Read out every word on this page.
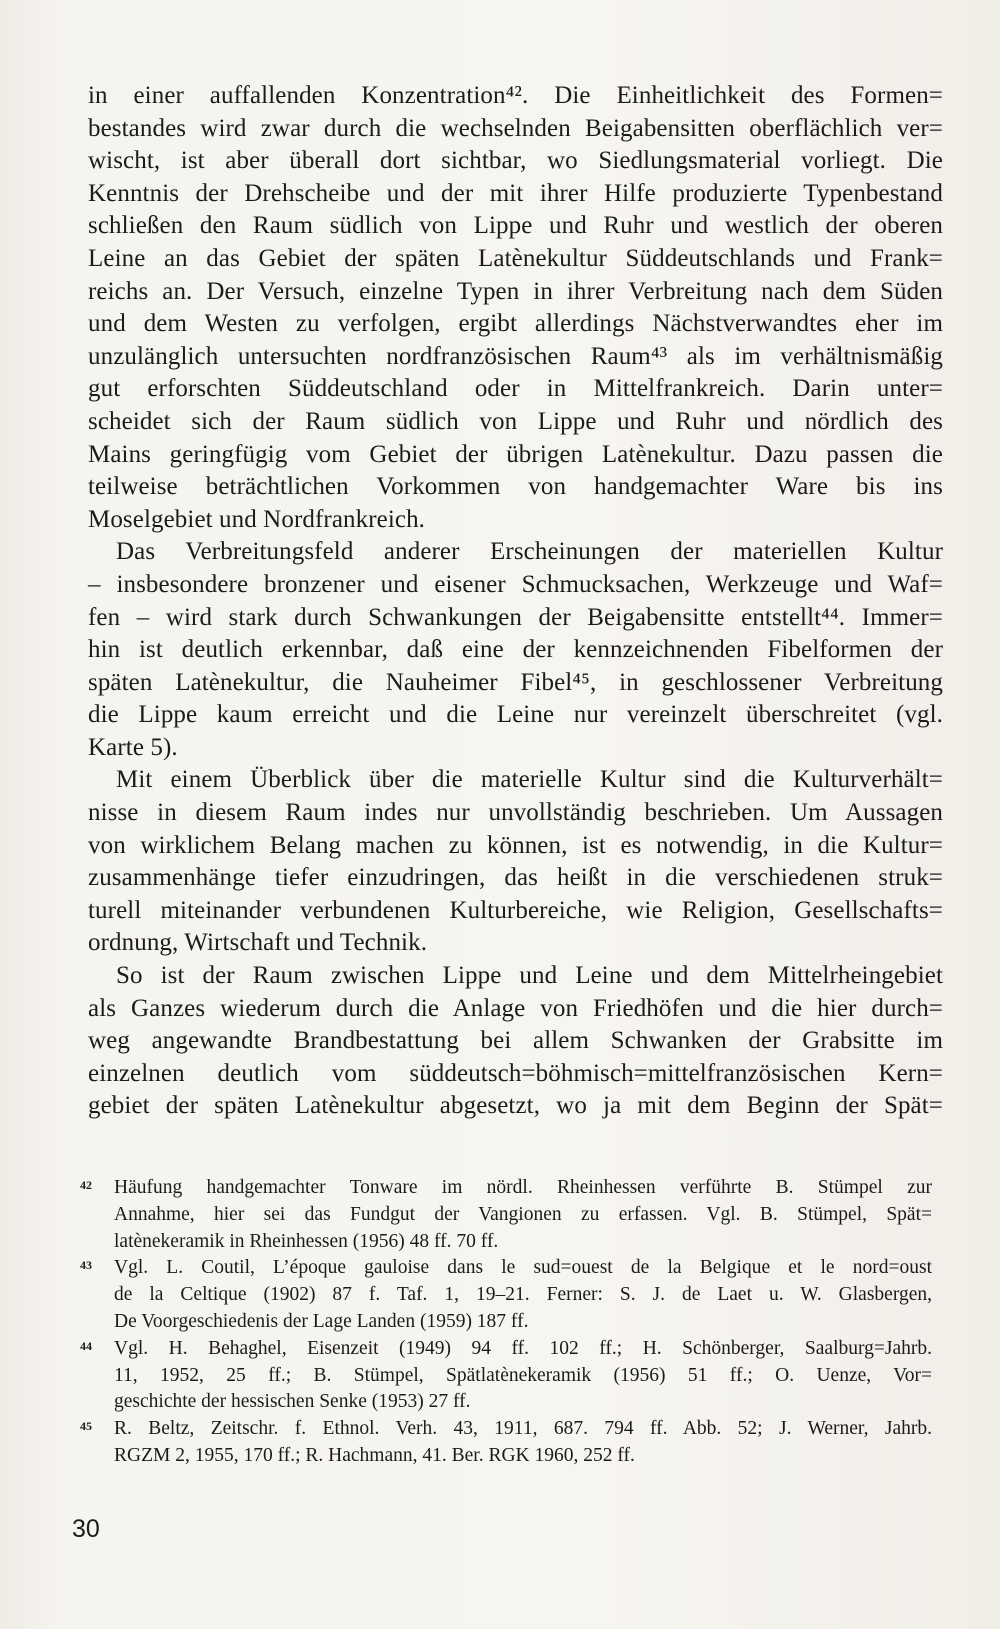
in einer auffallenden Konzentration⁴². Die Einheitlichkeit des Formen=
bestandes wird zwar durch die wechselnden Beigabensitten oberflächlich ver=
wischt, ist aber überall dort sichtbar, wo Siedlungsmaterial vorliegt. Die
Kenntnis der Drehscheibe und der mit ihrer Hilfe produzierte Typenbestand
schließen den Raum südlich von Lippe und Ruhr und westlich der oberen
Leine an das Gebiet der späten Latènekultur Süddeutschlands und Frank=
reichs an. Der Versuch, einzelne Typen in ihrer Verbreitung nach dem Süden
und dem Westen zu verfolgen, ergibt allerdings Nächstverwandtes eher im
unzulänglich untersuchten nordfranzösischen Raum⁴³ als im verhältnismäßig
gut erforschten Süddeutschland oder in Mittelfrankreich. Darin unter=
scheidet sich der Raum südlich von Lippe und Ruhr und nördlich des
Mains geringfügig vom Gebiet der übrigen Latènekultur. Dazu passen die
teilweise beträchtlichen Vorkommen von handgemachter Ware bis ins
Moselgebiet und Nordfrankreich.

Das Verbreitungsfeld anderer Erscheinungen der materiellen Kultur
– insbesondere bronzener und eisener Schmucksachen, Werkzeuge und Waf=
fen – wird stark durch Schwankungen der Beigabensitte entstellt⁴⁴. Immer=
hin ist deutlich erkennbar, daß eine der kennzeichnenden Fibelformen der
späten Latènekultur, die Nauheimer Fibel⁴⁵, in geschlossener Verbreitung
die Lippe kaum erreicht und die Leine nur vereinzelt überschreitet (vgl.
Karte 5).

Mit einem Überblick über die materielle Kultur sind die Kulturverhält=
nisse in diesem Raum indes nur unvollständig beschrieben. Um Aussagen
von wirklichem Belang machen zu können, ist es notwendig, in die Kultur=
zusammenhänge tiefer einzudringen, das heißt in die verschiedenen struk=
turell miteinander verbundenen Kulturbereiche, wie Religion, Gesellschafts=
ordnung, Wirtschaft und Technik.

So ist der Raum zwischen Lippe und Leine und dem Mittelrheingebiet
als Ganzes wiederum durch die Anlage von Friedhöfen und die hier durch=
weg angewandte Brandbestattung bei allem Schwanken der Grabsitte im
einzelnen deutlich vom süddeutsch=böhmisch=mittelfranzösischen Kern=
gebiet der späten Latènekultur abgesetzt, wo ja mit dem Beginn der Spät=

42	Häufung handgemachter Tonware im nördl. Rheinhessen verführte B. Stümpel zur
Annahme, hier sei das Fundgut der Vangionen zu erfassen. Vgl. B. Stümpel, Spät=
latènekeramik in Rheinhessen (1956) 48 ff. 70 ff.
43	Vgl. L. Coutil, L’époque gauloise dans le sud=ouest de la Belgique et le nord=oust
de la Celtique (1902) 87 f. Taf. 1, 19–21. Ferner: S. J. de Laet u. W. Glasbergen,
De Voorgeschiedenis der Lage Landen (1959) 187 ff.
44	Vgl. H. Behaghel, Eisenzeit (1949) 94 ff. 102 ff.; H. Schönberger, Saalburg=Jahrb.
11, 1952, 25 ff.; B. Stümpel, Spätlatènekeramik (1956) 51 ff.; O. Uenze, Vor=
geschichte der hessischen Senke (1953) 27 ff.
45	R. Beltz, Zeitschr. f. Ethnol. Verh. 43, 1911, 687. 794 ff. Abb. 52; J. Werner, Jahrb.
RGZM 2, 1955, 170 ff.; R. Hachmann, 41. Ber. RGK 1960, 252 ff.
30
